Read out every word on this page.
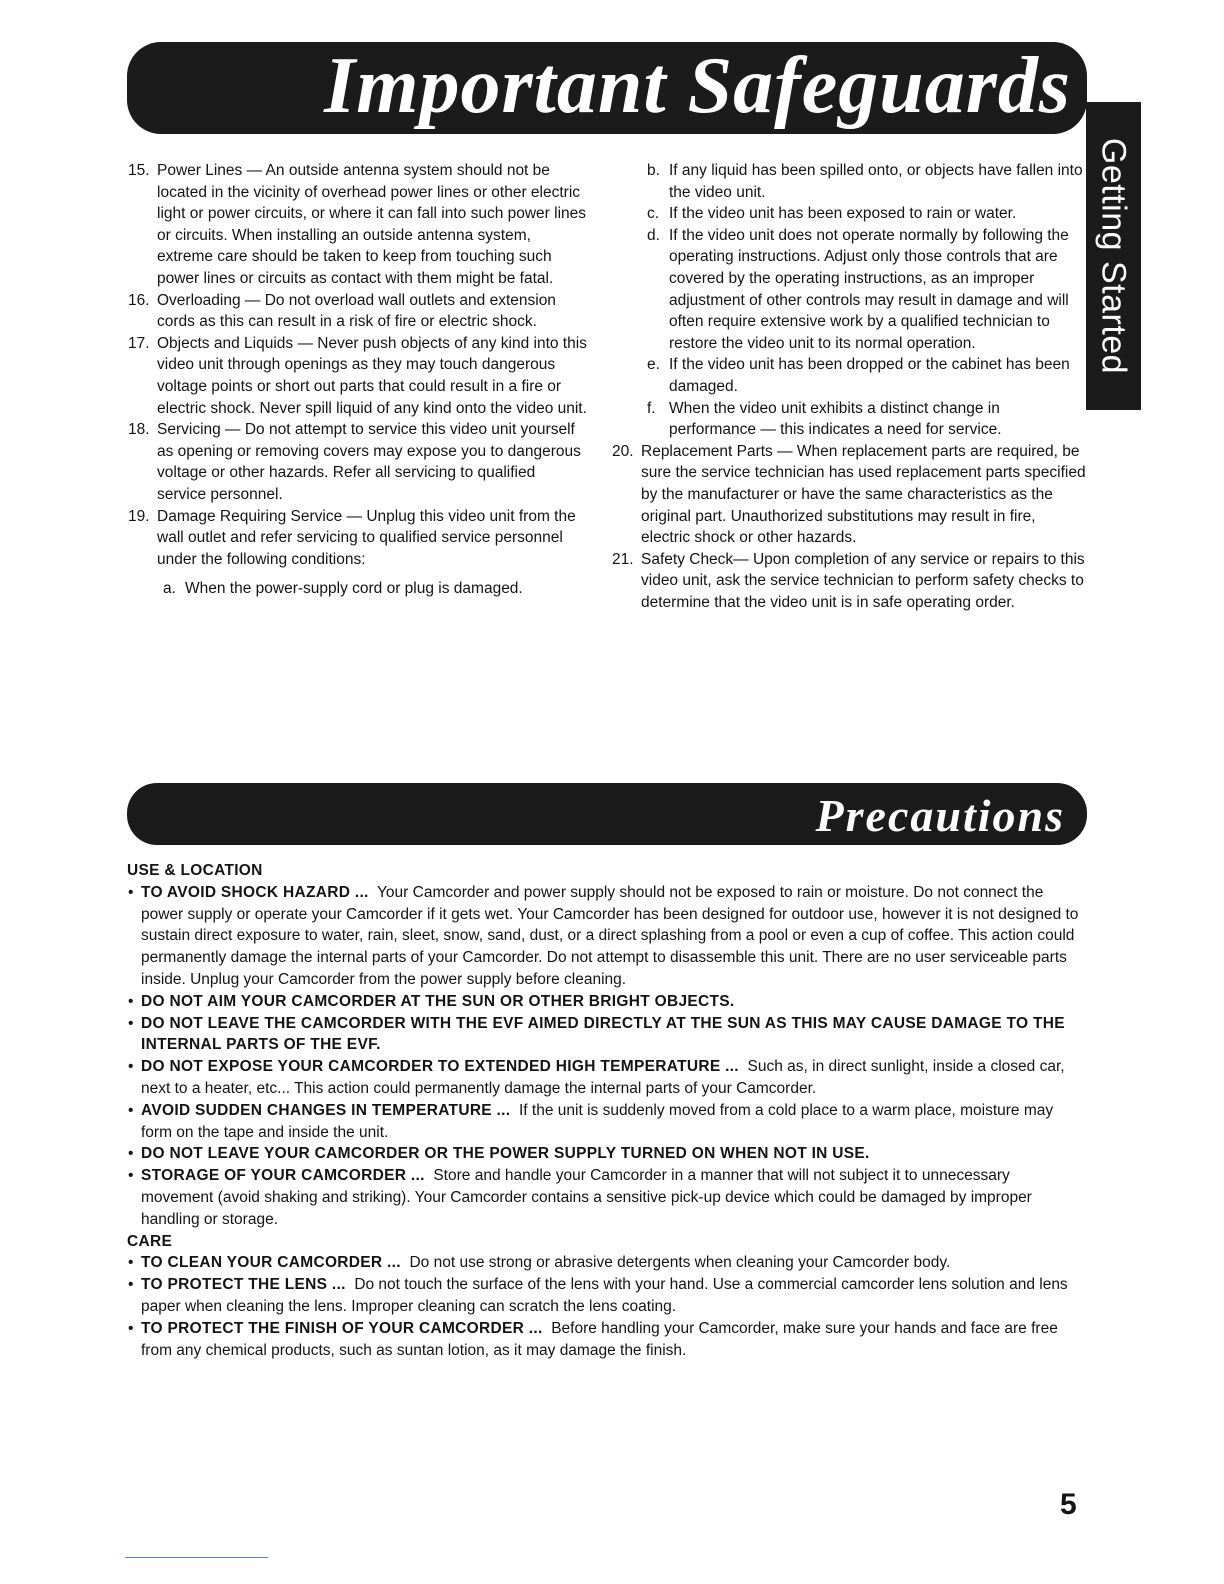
Important Safeguards
Getting Started
15. Power Lines — An outside antenna system should not be located in the vicinity of overhead power lines or other electric light or power circuits, or where it can fall into such power lines or circuits. When installing an outside antenna system, extreme care should be taken to keep from touching such power lines or circuits as contact with them might be fatal.
16. Overloading — Do not overload wall outlets and extension cords as this can result in a risk of fire or electric shock.
17. Objects and Liquids — Never push objects of any kind into this video unit through openings as they may touch dangerous voltage points or short out parts that could result in a fire or electric shock. Never spill liquid of any kind onto the video unit.
18. Servicing — Do not attempt to service this video unit yourself as opening or removing covers may expose you to dangerous voltage or other hazards. Refer all servicing to qualified service personnel.
19. Damage Requiring Service — Unplug this video unit from the wall outlet and refer servicing to qualified service personnel under the following conditions:
a. When the power-supply cord or plug is damaged.
b. If any liquid has been spilled onto, or objects have fallen into the video unit.
c. If the video unit has been exposed to rain or water.
d. If the video unit does not operate normally by following the operating instructions. Adjust only those controls that are covered by the operating instructions, as an improper adjustment of other controls may result in damage and will often require extensive work by a qualified technician to restore the video unit to its normal operation.
e. If the video unit has been dropped or the cabinet has been damaged.
f. When the video unit exhibits a distinct change in performance — this indicates a need for service.
20. Replacement Parts — When replacement parts are required, be sure the service technician has used replacement parts specified by the manufacturer or have the same characteristics as the original part. Unauthorized substitutions may result in fire, electric shock or other hazards.
21. Safety Check— Upon completion of any service or repairs to this video unit, ask the service technician to perform safety checks to determine that the video unit is in safe operating order.
Precautions
USE & LOCATION
• TO AVOID SHOCK HAZARD ... Your Camcorder and power supply should not be exposed to rain or moisture. Do not connect the power supply or operate your Camcorder if it gets wet. Your Camcorder has been designed for outdoor use, however it is not designed to sustain direct exposure to water, rain, sleet, snow, sand, dust, or a direct splashing from a pool or even a cup of coffee. This action could permanently damage the internal parts of your Camcorder. Do not attempt to disassemble this unit. There are no user serviceable parts inside. Unplug your Camcorder from the power supply before cleaning.
• DO NOT AIM YOUR CAMCORDER AT THE SUN OR OTHER BRIGHT OBJECTS.
• DO NOT LEAVE THE CAMCORDER WITH THE EVF AIMED DIRECTLY AT THE SUN AS THIS MAY CAUSE DAMAGE TO THE INTERNAL PARTS OF THE EVF.
• DO NOT EXPOSE YOUR CAMCORDER TO EXTENDED HIGH TEMPERATURE ... Such as, in direct sunlight, inside a closed car, next to a heater, etc... This action could permanently damage the internal parts of your Camcorder.
• AVOID SUDDEN CHANGES IN TEMPERATURE ... If the unit is suddenly moved from a cold place to a warm place, moisture may form on the tape and inside the unit.
• DO NOT LEAVE YOUR CAMCORDER OR THE POWER SUPPLY TURNED ON WHEN NOT IN USE.
• STORAGE OF YOUR CAMCORDER ... Store and handle your Camcorder in a manner that will not subject it to unnecessary movement (avoid shaking and striking). Your Camcorder contains a sensitive pick-up device which could be damaged by improper handling or storage.
CARE
• TO CLEAN YOUR CAMCORDER ... Do not use strong or abrasive detergents when cleaning your Camcorder body.
• TO PROTECT THE LENS ... Do not touch the surface of the lens with your hand. Use a commercial camcorder lens solution and lens paper when cleaning the lens. Improper cleaning can scratch the lens coating.
• TO PROTECT THE FINISH OF YOUR CAMCORDER ... Before handling your Camcorder, make sure your hands and face are free from any chemical products, such as suntan lotion, as it may damage the finish.
5
